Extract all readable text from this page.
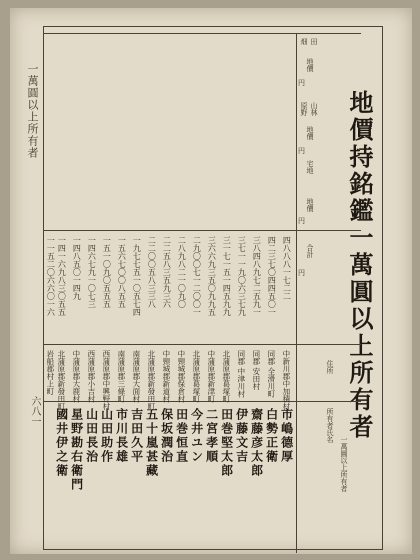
一萬圓以上所有者
六八一	地價持銘鑑一萬圓以上所有者
田
畑
地價
山林
原野
地價
宅地
地價
合計
住所
所有者氏名
一萬圓以上所有者
円
円
円
円
四八八八一七二二
中新川郡中加積村
市嶋德厚
四二三七〇四四五〇一
同郡 全滑川町
白勢正衛
三八四八九七二五九一
同郡 安田村
齋藤彦太郎
三七一一九〇六三七九
同郡 中津川村
伊藤文吉
三一七一五一四五九九
北蒲原郡葛塚町
田巻堅太郎
三六六九三五〇九九五
中蒲原郡新津町
二宮孝順
二九〇〇七一二〇〇一
北蒲原郡葛塚町
今井ユン
二八九八二一〇九〇
中頸城郡保倉村
田巻恒直
二二五八三五九三六
中頸城郡新道村
保坂潤治
二二〇〇五八三三八
北蒲原郡新發田町
五十嵐甚藏
一九七七五一〇五七四
南蒲原郡大面村
吉田久平
一五六七〇〇八五五
南蒲原郡三條町
市川長雄
一五一〇九〇五五五
西蒲原郡中興野村
山田助作
一四六七九一〇七三
西蒲原郡小吉村
山田長治
一四八五〇一四九
中蒲原郡大鹿村
星野勘右衛門
一四一六九八三〇五五
北蒲原郡新發田町
國井伊之衛
一一五二〇六六〇一六
岩船郡村上町
